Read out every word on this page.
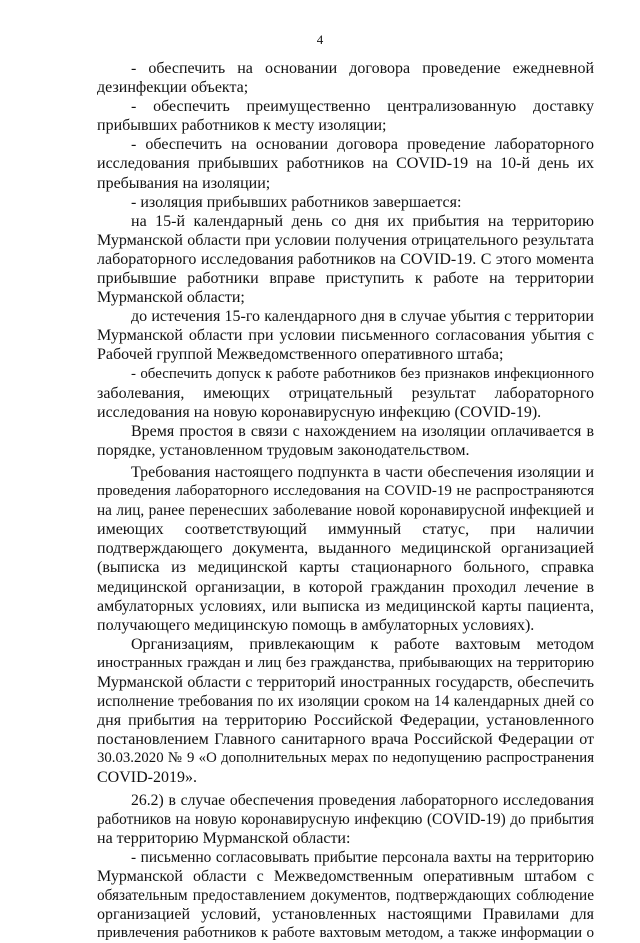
4
- обеспечить на основании договора проведение ежедневной
дезинфекции объекта;
- обеспечить преимущественно централизованную доставку
прибывших работников к месту изоляции;
- обеспечить на основании договора проведение лабораторного
исследования прибывших работников на COVID-19 на 10-й день их
пребывания на изоляции;
- изоляция прибывших работников завершается:
на 15-й календарный день со дня их прибытия на территорию
Мурманской области при условии получения отрицательного результата
лабораторного исследования работников на COVID-19. С этого момента
прибывшие работники вправе приступить к работе на территории
Мурманской области;
до истечения 15-го календарного дня в случае убытия с территории
Мурманской области при условии письменного согласования убытия с
Рабочей группой Межведомственного оперативного штаба;
- обеспечить допуск к работе работников без признаков инфекционного
заболевания, имеющих отрицательный результат лабораторного
исследования на новую коронавирусную инфекцию (COVID-19).
Время простоя в связи с нахождением на изоляции оплачивается в
порядке, установленном трудовым законодательством.
Требования настоящего подпункта в части обеспечения изоляции и
проведения лабораторного исследования на COVID-19 не распространяются
на лиц, ранее перенесших заболевание новой коронавирусной инфекцией и
имеющих соответствующий иммунный статус, при наличии
подтверждающего документа, выданного медицинской организацией
(выписка из медицинской карты стационарного больного, справка
медицинской организации, в которой гражданин проходил лечение в
амбулаторных условиях, или выписка из медицинской карты пациента,
получающего медицинскую помощь в амбулаторных условиях).
Организациям, привлекающим к работе вахтовым методом
иностранных граждан и лиц без гражданства, прибывающих на территорию
Мурманской области с территорий иностранных государств, обеспечить
исполнение требования по их изоляции сроком на 14 календарных дней со
дня прибытия на территорию Российской Федерации, установленного
постановлением Главного санитарного врача Российской Федерации от
30.03.2020 № 9 «О дополнительных мерах по недопущению распространения
COVID-2019».
26.2) в случае обеспечения проведения лабораторного исследования
работников на новую коронавирусную инфекцию (COVID-19) до прибытия
на территорию Мурманской области:
- письменно согласовывать прибытие персонала вахты на территорию
Мурманской области с Межведомственным оперативным штабом с
обязательным предоставлением документов, подтверждающих соблюдение
организацией условий, установленных настоящими Правилами для
привлечения работников к работе вахтовым методом, а также информации о
